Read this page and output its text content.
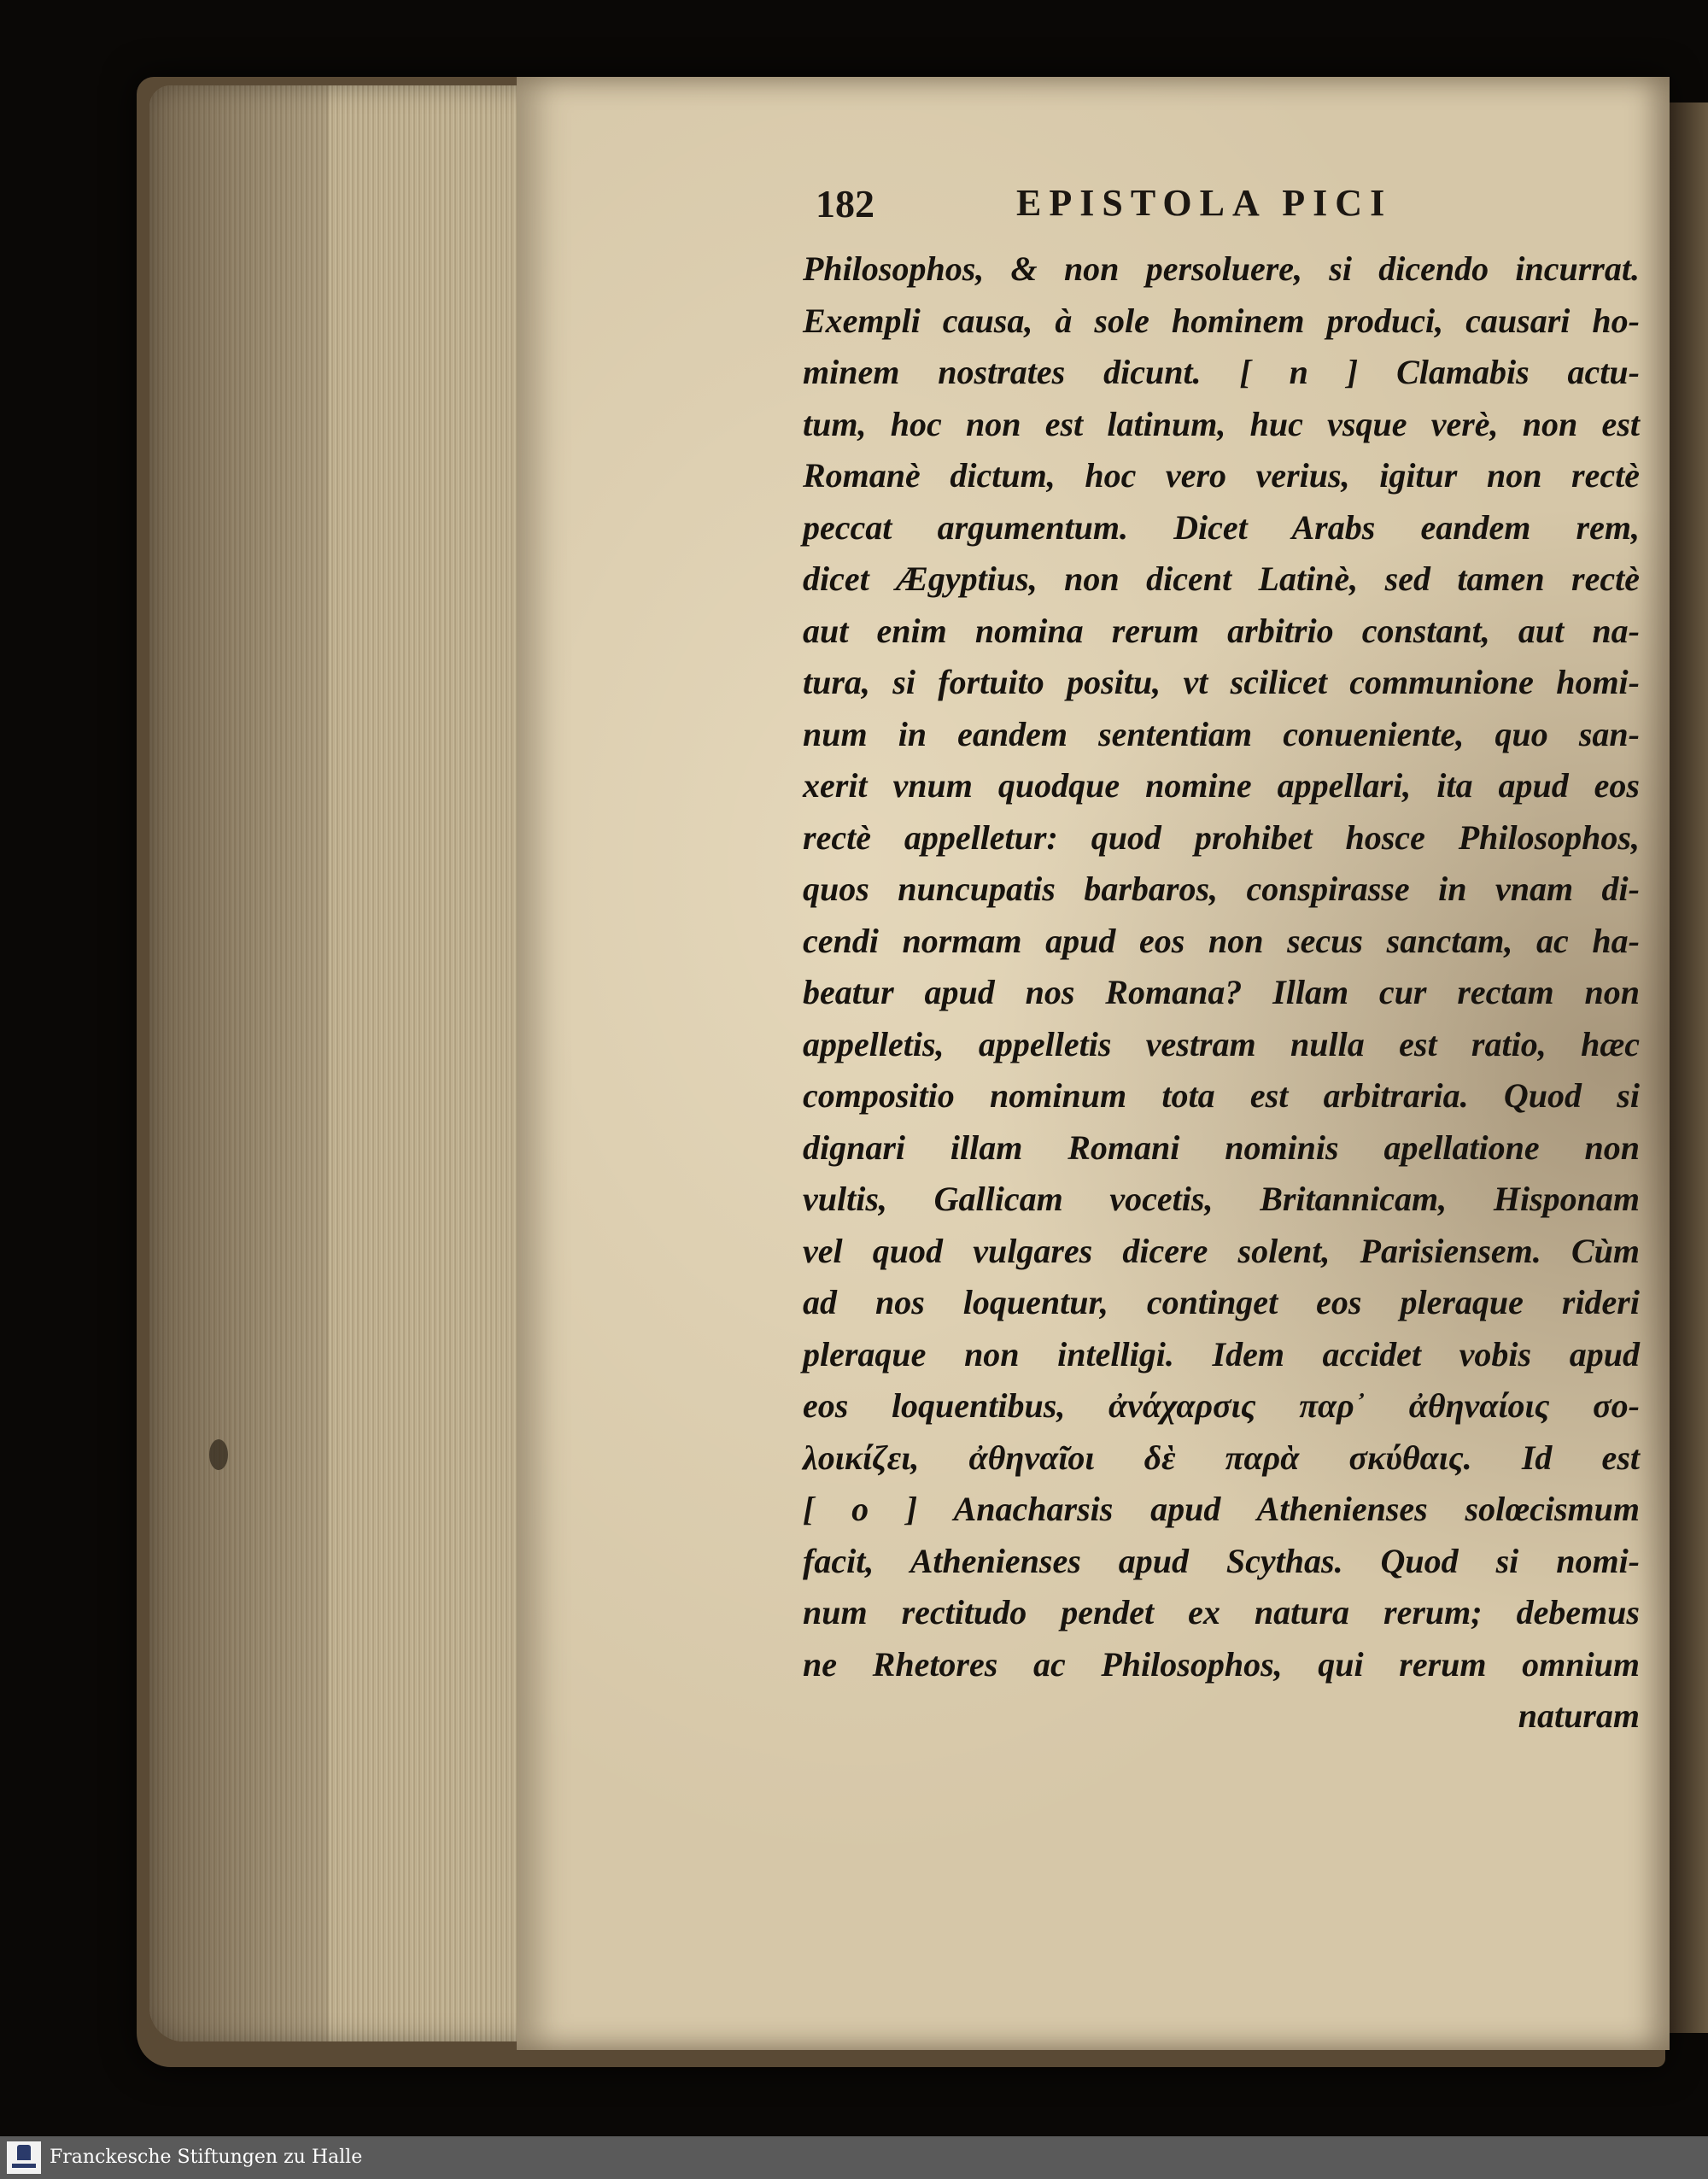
182	EPISTOLA PICI
Philosophos, & non persoluere, si dicendo incurrat.
Exempli causa, à sole hominem produci, causari ho-
minem nostrates dicunt. [ n ] Clamabis actu-
tum, hoc non est latinum, huc vsque verè, non est
Romanè dictum, hoc vero verius, igitur non rectè
peccat argumentum. Dicet Arabs eandem rem,
dicet Ægyptius, non dicent Latinè, sed tamen rectè
aut enim nomina rerum arbitrio constant, aut na-
tura, si fortuito positu, vt scilicet communione homi-
num in eandem sententiam conueniente, quo san-
xerit vnum quodque nomine appellari, ita apud eos
rectè appelletur: quod prohibet hosce Philosophos,
quos nuncupatis barbaros, conspirasse in vnam di-
cendi normam apud eos non secus sanctam, ac ha-
beatur apud nos Romana? Illam cur rectam non
appelletis, appelletis vestram nulla est ratio, hæc
compositio nominum tota est arbitraria. Quod si
dignari illam Romani nominis apellatione non
vultis, Gallicam vocetis, Britannicam, Hisponam
vel quod vulgares dicere solent, Parisiensem. Cùm
ad nos loquentur, continget eos pleraque rideri
pleraque non intelligi. Idem accidet vobis apud
eos loquentibus, ἀνάχαρσις παρ᾽ ἀθηναίοις σο-
λοικίζει, ἀθηναῖοι δὲ παρὰ σκύθαις. Id est
[ o ] Anacharsis apud Athenienses solœcismum
facit, Athenienses apud Scythas. Quod si nomi-
num rectitudo pendet ex natura rerum; debemus
ne Rhetores ac Philosophos, qui rerum omnium
naturam
Franckesche Stiftungen zu Halle
